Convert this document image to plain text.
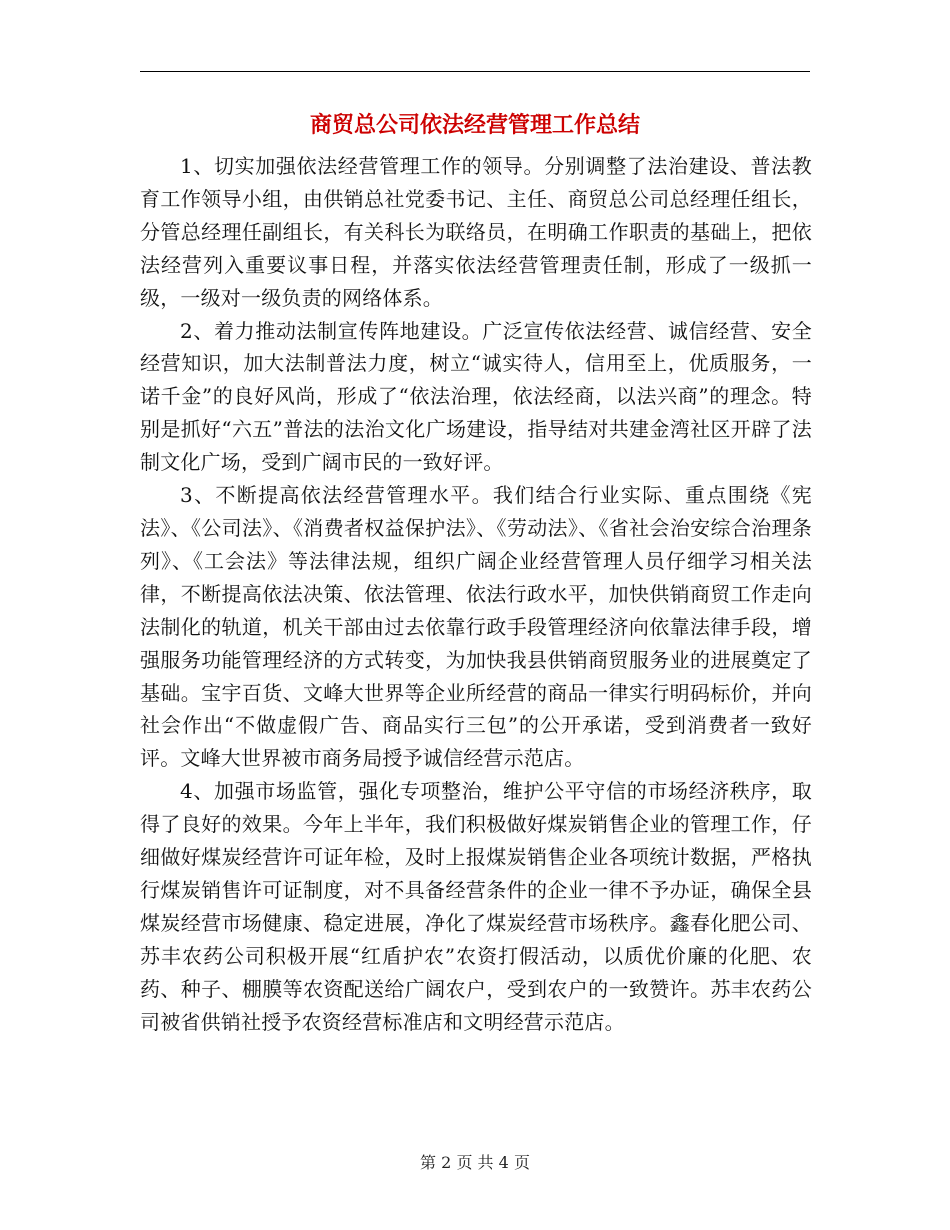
商贸总公司依法经营管理工作总结

1、切实加强依法经营管理工作的领导。分别调整了法治建设、普法教育工作领导小组，由供销总社党委书记、主任、商贸总公司总经理任组长，分管总经理任副组长，有关科长为联络员，在明确工作职责的基础上，把依法经营列入重要议事日程，并落实依法经营管理责任制，形成了一级抓一级，一级对一级负责的网络体系。

2、着力推动法制宣传阵地建设。广泛宣传依法经营、诚信经营、安全经营知识，加大法制普法力度，树立“诚实待人，信用至上，优质服务，一诺千金”的良好风尚，形成了“依法治理，依法经商，以法兴商”的理念。特别是抓好“六五”普法的法治文化广场建设，指导结对共建金湾社区开辟了法制文化广场，受到广阔市民的一致好评。

3、不断提高依法经营管理水平。我们结合行业实际、重点围绕《宪法》、《公司法》、《消费者权益保护法》、《劳动法》、《省社会治安综合治理条列》、《工会法》等法律法规，组织广阔企业经营管理人员仔细学习相关法律，不断提高依法决策、依法管理、依法行政水平，加快供销商贸工作走向法制化的轨道，机关干部由过去依靠行政手段管理经济向依靠法律手段，增强服务功能管理经济的方式转变，为加快我县供销商贸服务业的进展奠定了基础。宝宇百货、文峰大世界等企业所经营的商品一律实行明码标价，并向社会作出“不做虚假广告、商品实行三包”的公开承诺，受到消费者一致好评。文峰大世界被市商务局授予诚信经营示范店。

4、加强市场监管，强化专项整治，维护公平守信的市场经济秩序，取得了良好的效果。今年上半年，我们积极做好煤炭销售企业的管理工作，仔细做好煤炭经营许可证年检，及时上报煤炭销售企业各项统计数据，严格执行煤炭销售许可证制度，对不具备经营条件的企业一律不予办证，确保全县煤炭经营市场健康、稳定进展，净化了煤炭经营市场秩序。鑫春化肥公司、苏丰农药公司积极开展“红盾护农”农资打假活动，以质优价廉的化肥、农药、种子、棚膜等农资配送给广阔农户，受到农户的一致赞许。苏丰农药公司被省供销社授予农资经营标准店和文明经营示范店。

第 2 页 共 4 页
